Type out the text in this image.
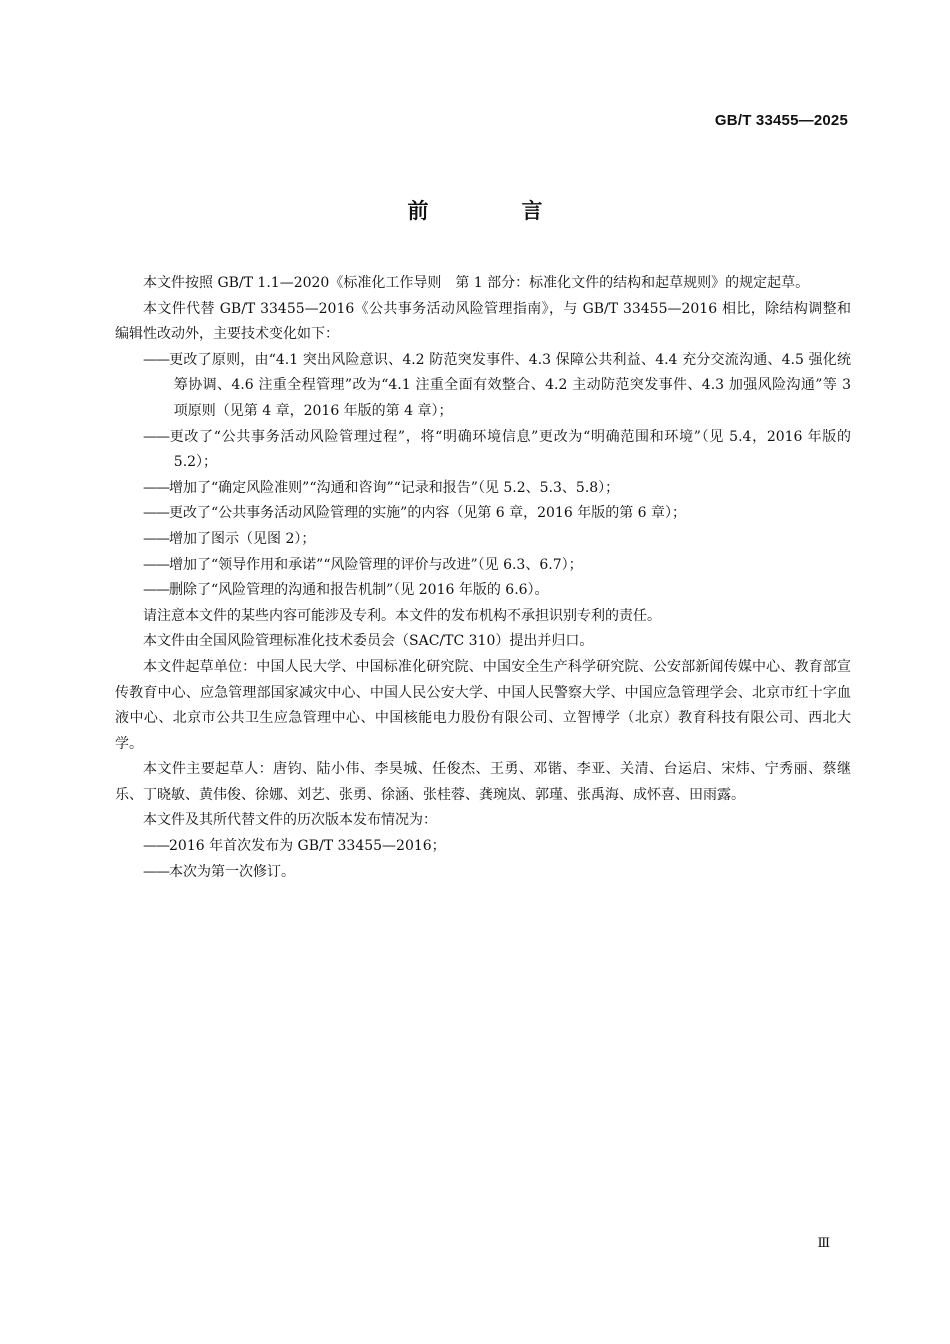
GB/T 33455—2025
前　言

本文件按照 GB/T 1.1—2020《标准化工作导则　第 1 部分：标准化文件的结构和起草规则》的规定起草。

本文件代替 GB/T 33455—2016《公共事务活动风险管理指南》，与 GB/T 33455—2016 相比，除结构调整和编辑性改动外，主要技术变化如下：

——更改了原则，由“4.1 突出风险意识、4.2 防范突发事件、4.3 保障公共利益、4.4 充分交流沟通、4.5 强化统筹协调、4.6 注重全程管理”改为“4.1 注重全面有效整合、4.2 主动防范突发事件、4.3 加强风险沟通”等 3 项原则（见第 4 章，2016 年版的第 4 章）；

——更改了“公共事务活动风险管理过程”，将“明确环境信息”更改为“明确范围和环境”（见 5.4，2016 年版的 5.2）；

——增加了“确定风险准则”“沟通和咨询”“记录和报告”（见 5.2、5.3、5.8）；

——更改了“公共事务活动风险管理的实施”的内容（见第 6 章，2016 年版的第 6 章）；

——增加了图示（见图 2）；

——增加了“领导作用和承诺”“风险管理的评价与改进”（见 6.3、6.7）；

——删除了“风险管理的沟通和报告机制”（见 2016 年版的 6.6）。

请注意本文件的某些内容可能涉及专利。本文件的发布机构不承担识别专利的责任。

本文件由全国风险管理标准化技术委员会（SAC/TC 310）提出并归口。

本文件起草单位：中国人民大学、中国标准化研究院、中国安全生产科学研究院、公安部新闻传媒中心、教育部宣传教育中心、应急管理部国家减灾中心、中国人民公安大学、中国人民警察大学、中国应急管理学会、北京市红十字血液中心、北京市公共卫生应急管理中心、中国核能电力股份有限公司、立智博学（北京）教育科技有限公司、西北大学。

本文件主要起草人：唐钧、陆小伟、李昊城、任俊杰、王勇、邓锴、李亚、关清、台运启、宋炜、宁秀丽、蔡继乐、丁晓敏、黄伟俊、徐娜、刘艺、张勇、徐涵、张桂蓉、龚琬岚、郭瑾、张禹海、成怀喜、田雨露。

本文件及其所代替文件的历次版本发布情况为：

——2016 年首次发布为 GB/T 33455—2016；

——本次为第一次修订。

Ⅲ
